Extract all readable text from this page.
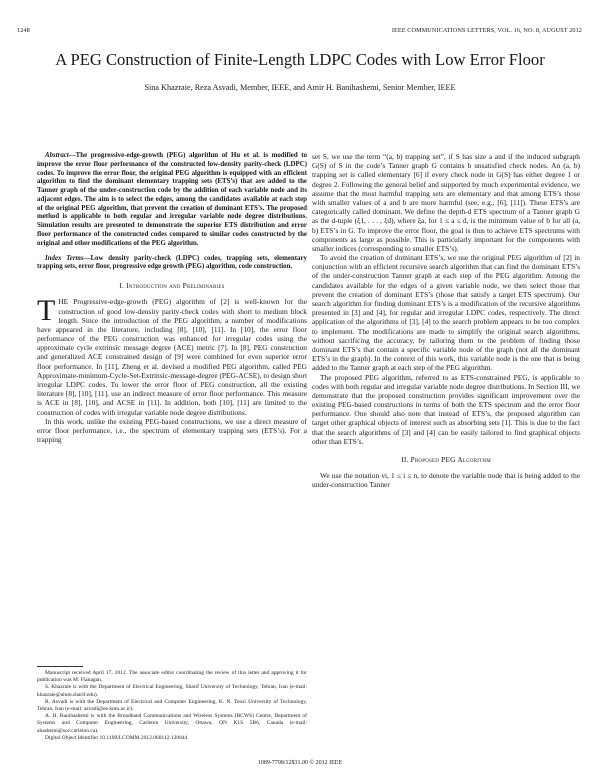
1248	IEEE COMMUNICATIONS LETTERS, VOL. 16, NO. 8, AUGUST 2012
A PEG Construction of Finite-Length LDPC Codes with Low Error Floor
Sina Khazraie, Reza Asvadi, Member, IEEE, and Amir H. Banihashemi, Senior Member, IEEE

Abstract—The progressive-edge-growth (PEG) algorithm of Hu et al. is modified to improve the error floor performance of the constructed low-density parity-check (LDPC) codes. To improve the error floor, the original PEG algorithm is equipped with an efficient algorithm to find the dominant elementary trapping sets (ETS’s) that are added to the Tanner graph of the under-construction code by the addition of each variable node and its adjacent edges. The aim is to select the edges, among the candidates available at each step of the original PEG algorithm, that prevent the creation of dominant ETS’s. The proposed method is applicable to both regular and irregular variable node degree distributions. Simulation results are presented to demonstrate the superior ETS distribution and error floor performance of the constructed codes compared to similar codes constructed by the original and other modifications of the PEG algorithm.

Index Terms—Low density parity-check (LDPC) codes, trapping sets, elementary trapping sets, error floor, progressive edge growth (PEG) algorithm, code construction.

I. Introduction and Preliminaries

THE Progressive-edge-growth (PEG) algorithm of [2] is well-known for the construction of good low-density parity-check codes with short to medium block length. Since the introduction of the PEG algorithm, a number of modifications have appeared in the literature, including [8], [10], [11]. In [10], the error floor performance of the PEG construction was enhanced for irregular codes using the approximate cycle extrinsic message degree (ACE) metric [7]. In [8], PEG construction and generalized ACE constrained design of [9] were combined for even superior error floor performance. In [11], Zheng et al. devised a modified PEG algorithm, called PEG Approximate-minimum-Cycle-Set-Extrinsic-message-degree (PEG-ACSE), to design short irregular LDPC codes. To lower the error floor of PEG construction, all the existing literature [8], [10], [11], use an indirect measure of error floor performance. This measure is ACE in [8], [10], and ACSE in [11]. In addition, both [10], [11] are limited to the construction of codes with irregular variable node degree distributions.

In this work, unlike the existing PEG-based constructions, we use a direct measure of error floor performance, i.e., the spectrum of elementary trapping sets (ETS’s). For a trapping

Manuscript received April 17, 2012. The associate editor coordinating the review of this letter and approving it for publication was M. Flanagan.

S. Khazraie is with the Department of Electrical Engineering, Sharif University of Technology, Tehran, Iran (e-mail: khazraie@alum.sharif.edu).

R. Asvadi is with the Department of Electrical and Computer Engineering, K. N. Toosi University of Technology, Tehran, Iran (e-mail: asvadi@ee.kntu.ac.ir).

A. H. Banihashemi is with the Broadband Communications and Wireless Systems (BCWS) Centre, Department of Systems and Computer Engineering, Carleton University, Ottawa, ON K1S 5B6, Canada (e-mail: ahashemi@sce.carleton.ca).

Digital Object Identifier 10.1109/LCOMM.2012.060112.120844

set S, we use the term “(a, b) trapping set”, if S has size a and if the induced subgraph G(S) of S in the code’s Tanner graph G contains b unsatisfied check nodes. An (a, b) trapping set is called elementary [6] if every check node in G(S) has either degree 1 or degree 2. Following the general belief and supported by much experimental evidence, we assume that the most harmful trapping sets are elementary and that among ETS’s those with smaller values of a and b are more harmful (see, e.g., [6], [11]). These ETS’s are categorically called dominant. We define the depth-d ETS spectrum of a Tanner graph G as the d-tuple (ξ1, . . . , ξd), where ξa, for 1 ≤ a ≤ d, is the minimum value of b for all (a, b) ETS’s in G. To improve the error floor, the goal is thus to achieve ETS spectrums with components as large as possible. This is particularly important for the components with smaller indices (corresponding to smaller ETS’s).

To avoid the creation of dominant ETS’s, we use the original PEG algorithm of [2] in conjunction with an efficient recursive search algorithm that can find the dominant ETS’s of the under-construction Tanner graph at each step of the PEG algorithm. Among the candidates available for the edges of a given variable node, we then select those that prevent the creation of dominant ETS’s (those that satisfy a target ETS spectrum). Our search algorithm for finding dominant ETS’s is a modification of the recursive algorithms presented in [3] and [4], for regular and irregular LDPC codes, respectively. The direct application of the algorithms of [3], [4] to the search problem appears to be too complex to implement. The modifications are made to simplify the original search algorithms, without sacrificing the accuracy, by tailoring them to the problem of finding those dominant ETS’s that contain a specific variable node of the graph (not all the dominant ETS’s in the graph). In the context of this work, this variable node is the one that is being added to the Tanner graph at each step of the PEG algorithm.

The proposed PEG algorithm, referred to as ETS-constrained PEG, is applicable to codes with both regular and irregular variable node degree distributions. In Section III, we demonstrate that the proposed construction provides significant improvement over the existing PEG-based constructions in terms of both the ETS spectrum and the error floor performance. One should also note that instead of ETS’s, the proposed algorithm can target other graphical objects of interest such as absorbing sets [1]. This is due to the fact that the search algorithms of [3] and [4] can be easily tailored to find graphical objects other than ETS’s.

II. Proposed PEG Algorithm

We use the notation vi, 1 ≤ i ≤ n, to denote the variable node that is being added to the under-construction Tanner

1089-7798/12$31.00 © 2012 IEEE
